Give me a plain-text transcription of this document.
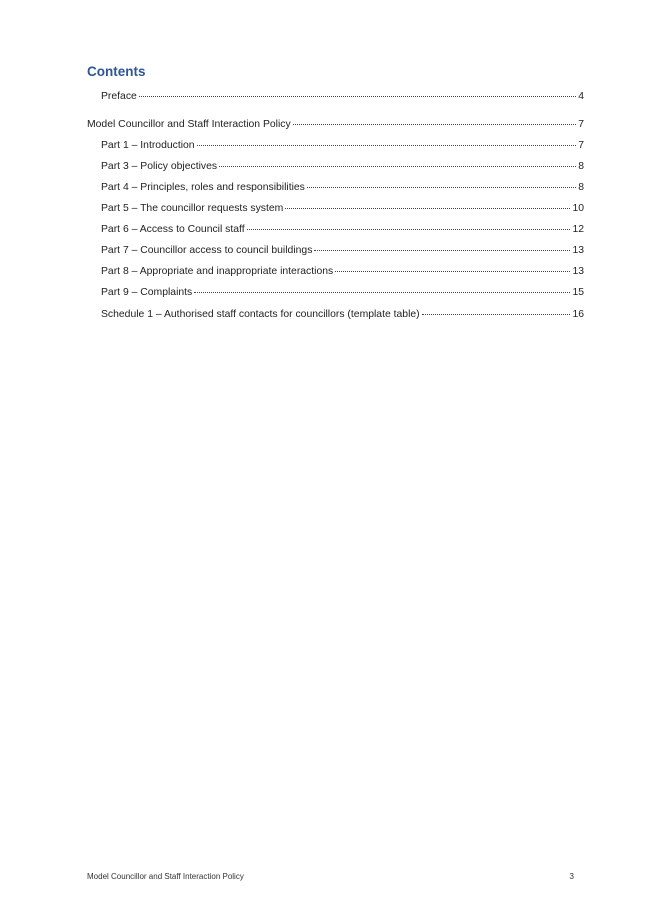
Contents
Preface	4
Model Councillor and Staff Interaction Policy	7
Part 1 – Introduction	7
Part 3 – Policy objectives	8
Part 4 – Principles, roles and responsibilities	8
Part 5 – The councillor requests system	10
Part 6 – Access to Council staff	12
Part 7 – Councillor access to council buildings	13
Part 8 – Appropriate and inappropriate interactions	13
Part 9 – Complaints	15
Schedule 1 – Authorised staff contacts for councillors (template table)	16
Model Councillor and Staff Interaction Policy	3
